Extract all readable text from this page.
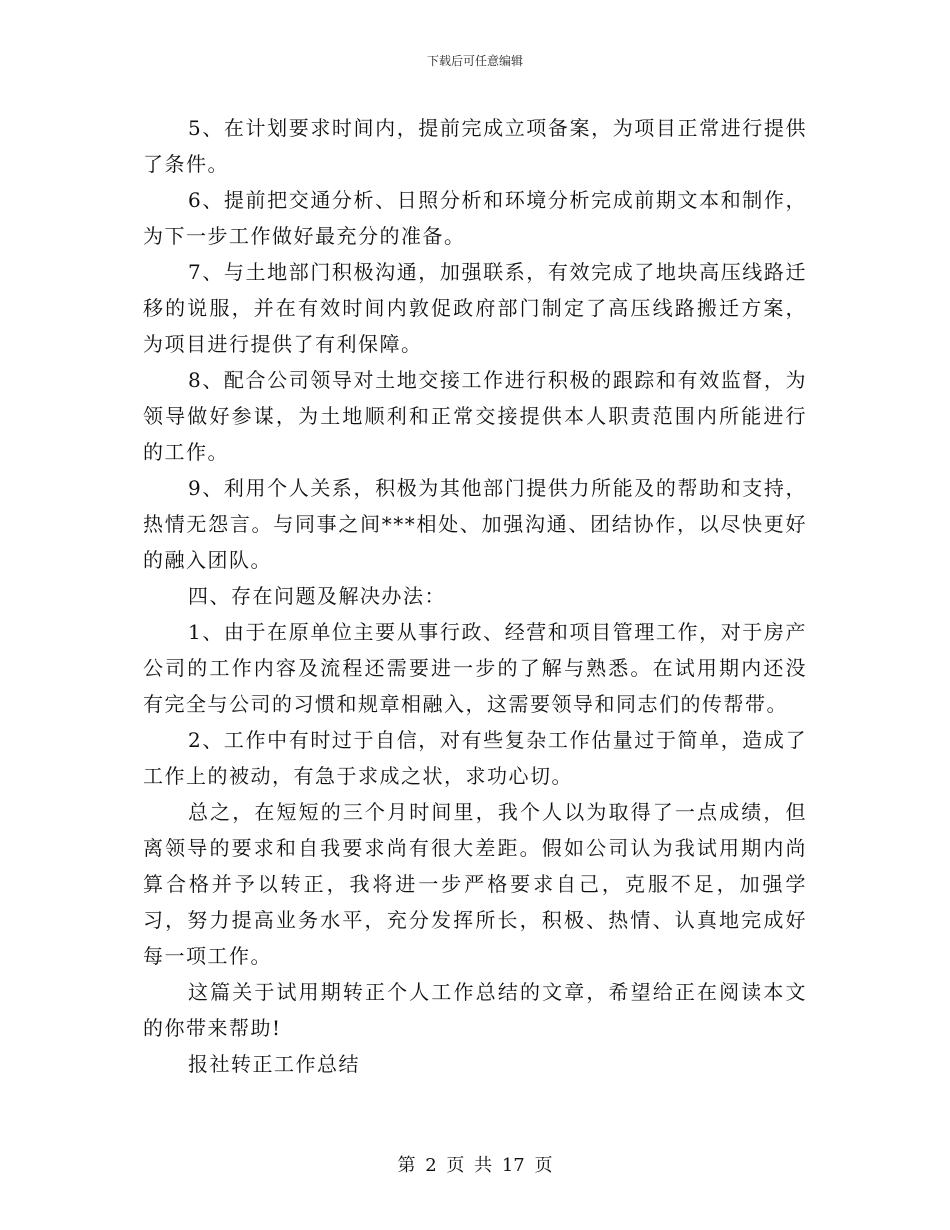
下载后可任意编辑

5、在计划要求时间内，提前完成立项备案，为项目正常进行提供了条件。

6、提前把交通分析、日照分析和环境分析完成前期文本和制作，为下一步工作做好最充分的准备。

7、与土地部门积极沟通，加强联系，有效完成了地块高压线路迁移的说服，并在有效时间内敦促政府部门制定了高压线路搬迁方案，为项目进行提供了有利保障。

8、配合公司领导对土地交接工作进行积极的跟踪和有效监督，为领导做好参谋，为土地顺利和正常交接提供本人职责范围内所能进行的工作。

9、利用个人关系，积极为其他部门提供力所能及的帮助和支持，热情无怨言。与同事之间***相处、加强沟通、团结协作，以尽快更好的融入团队。

四、存在问题及解决办法：

1、由于在原单位主要从事行政、经营和项目管理工作，对于房产公司的工作内容及流程还需要进一步的了解与熟悉。在试用期内还没有完全与公司的习惯和规章相融入，这需要领导和同志们的传帮带。

2、工作中有时过于自信，对有些复杂工作估量过于简单，造成了工作上的被动，有急于求成之状，求功心切。

总之，在短短的三个月时间里，我个人以为取得了一点成绩，但离领导的要求和自我要求尚有很大差距。假如公司认为我试用期内尚算合格并予以转正，我将进一步严格要求自己，克服不足，加强学习，努力提高业务水平，充分发挥所长，积极、热情、认真地完成好每一项工作。

这篇关于试用期转正个人工作总结的文章，希望给正在阅读本文的你带来帮助!

报社转正工作总结

第 2 页 共 17 页
